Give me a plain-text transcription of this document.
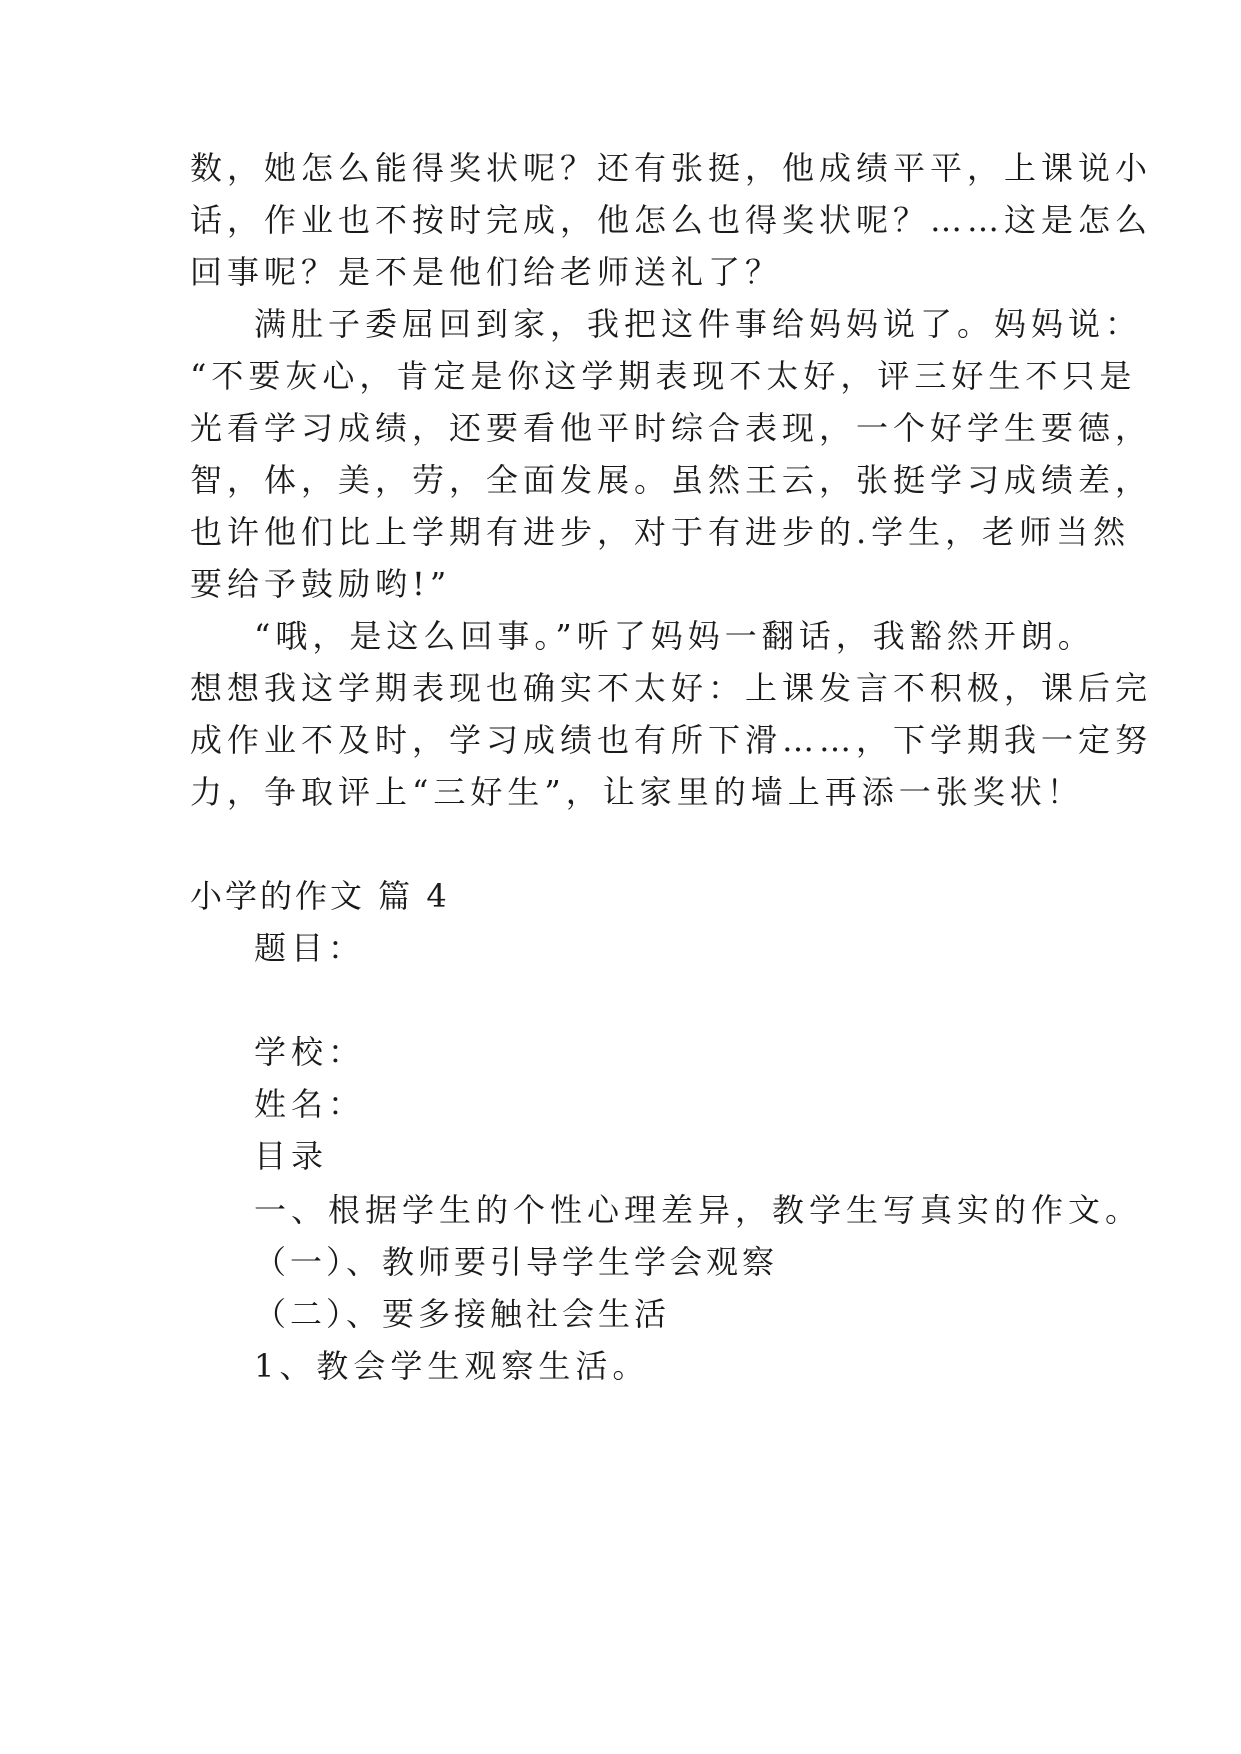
数，她怎么能得奖状呢？还有张挺，他成绩平平，上课说小

话，作业也不按时完成，他怎么也得奖状呢？……这是怎么

回事呢？是不是他们给老师送礼了？

满肚子委屈回到家，我把这件事给妈妈说了。妈妈说：

“不要灰心，肯定是你这学期表现不太好，评三好生不只是

光看学习成绩，还要看他平时综合表现，一个好学生要德，

智，体，美，劳，全面发展。虽然王云，张挺学习成绩差，

也许他们比上学期有进步，对于有进步的.学生，老师当然

要给予鼓励哟!”

“哦，是这么回事。”听了妈妈一翻话，我豁然开朗。

想想我这学期表现也确实不太好：上课发言不积极，课后完

成作业不及时，学习成绩也有所下滑……，下学期我一定努

力，争取评上“三好生”，让家里的墙上再添一张奖状！

小学的作文 篇 4

题目：

学校：

姓名：

目录

一、根据学生的个性心理差异，教学生写真实的作文。

（一）、教师要引导学生学会观察

（二）、要多接触社会生活

1、教会学生观察生活。
